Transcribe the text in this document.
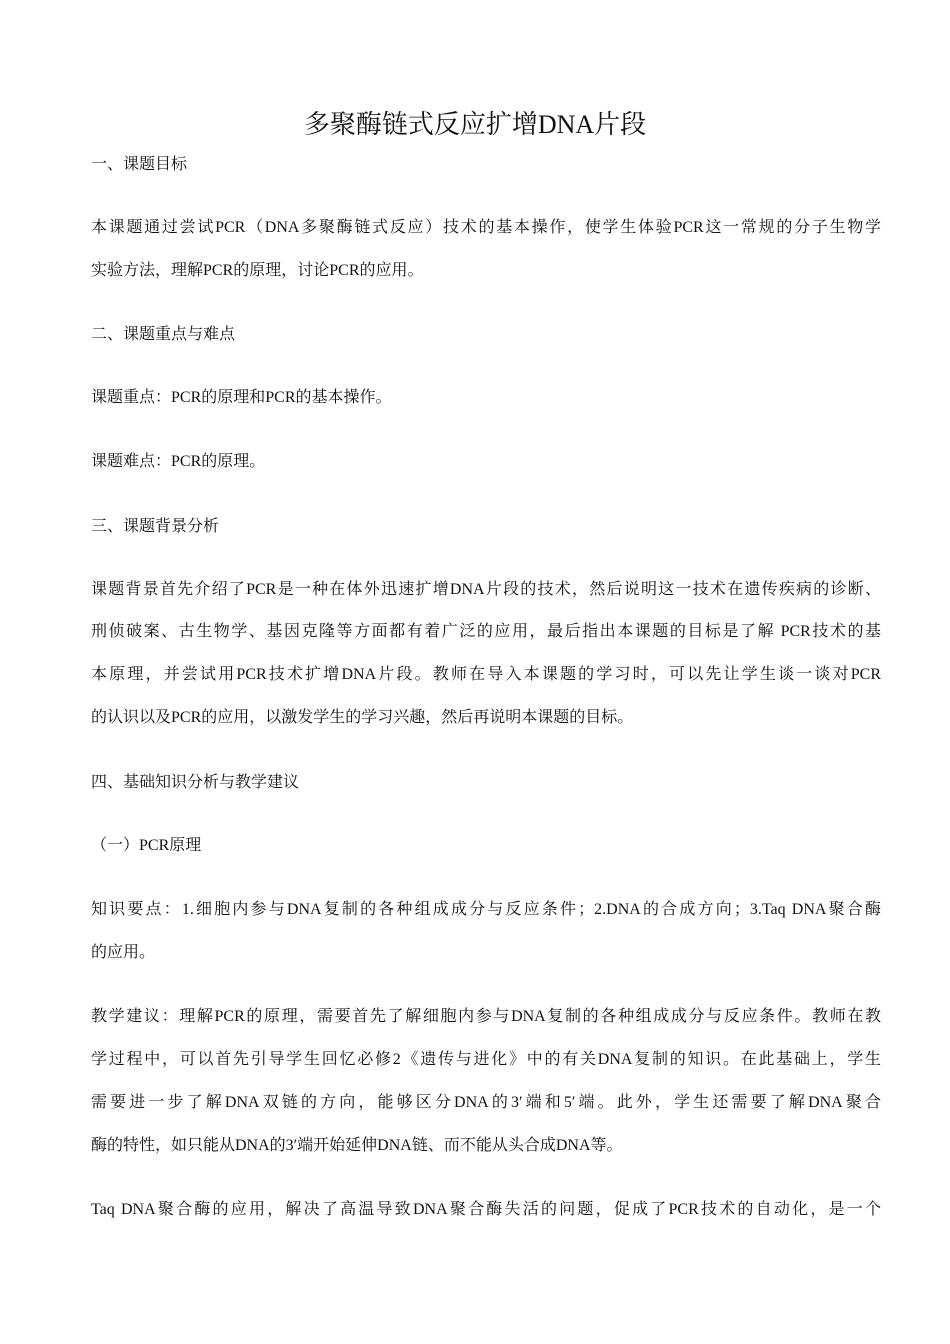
多聚酶链式反应扩增DNA片段

一、课题目标

本课题通过尝试PCR（DNA多聚酶链式反应）技术的基本操作，使学生体验PCR这一常规的分子生物学

实验方法，理解PCR的原理，讨论PCR的应用。

二、课题重点与难点

课题重点：PCR的原理和PCR的基本操作。

课题难点：PCR的原理。

三、课题背景分析

课题背景首先介绍了PCR是一种在体外迅速扩增DNA片段的技术，然后说明这一技术在遗传疾病的诊断、

刑侦破案、古生物学、基因克隆等方面都有着广泛的应用，最后指出本课题的目标是了解 PCR技术的基

本原理，并尝试用PCR技术扩增DNA片段。教师在导入本课题的学习时，可以先让学生谈一谈对PCR

的认识以及PCR的应用，以激发学生的学习兴趣，然后再说明本课题的目标。

四、基础知识分析与教学建议

（一）PCR原理

知识要点：1.细胞内参与DNA复制的各种组成成分与反应条件；2.DNA的合成方向；3.Taq DNA聚合酶

的应用。

教学建议：理解PCR的原理，需要首先了解细胞内参与DNA复制的各种组成成分与反应条件。教师在教

学过程中，可以首先引导学生回忆必修2《遗传与进化》中的有关DNA复制的知识。在此基础上，学生

需要进一步了解DNA双链的方向，能够区分DNA的3′端和5′端。此外，学生还需要了解DNA聚合

酶的特性，如只能从DNA的3′端开始延伸DNA链、而不能从头合成DNA等。

Taq DNA聚合酶的应用，解决了高温导致DNA聚合酶失活的问题，促成了PCR技术的自动化，是一个
